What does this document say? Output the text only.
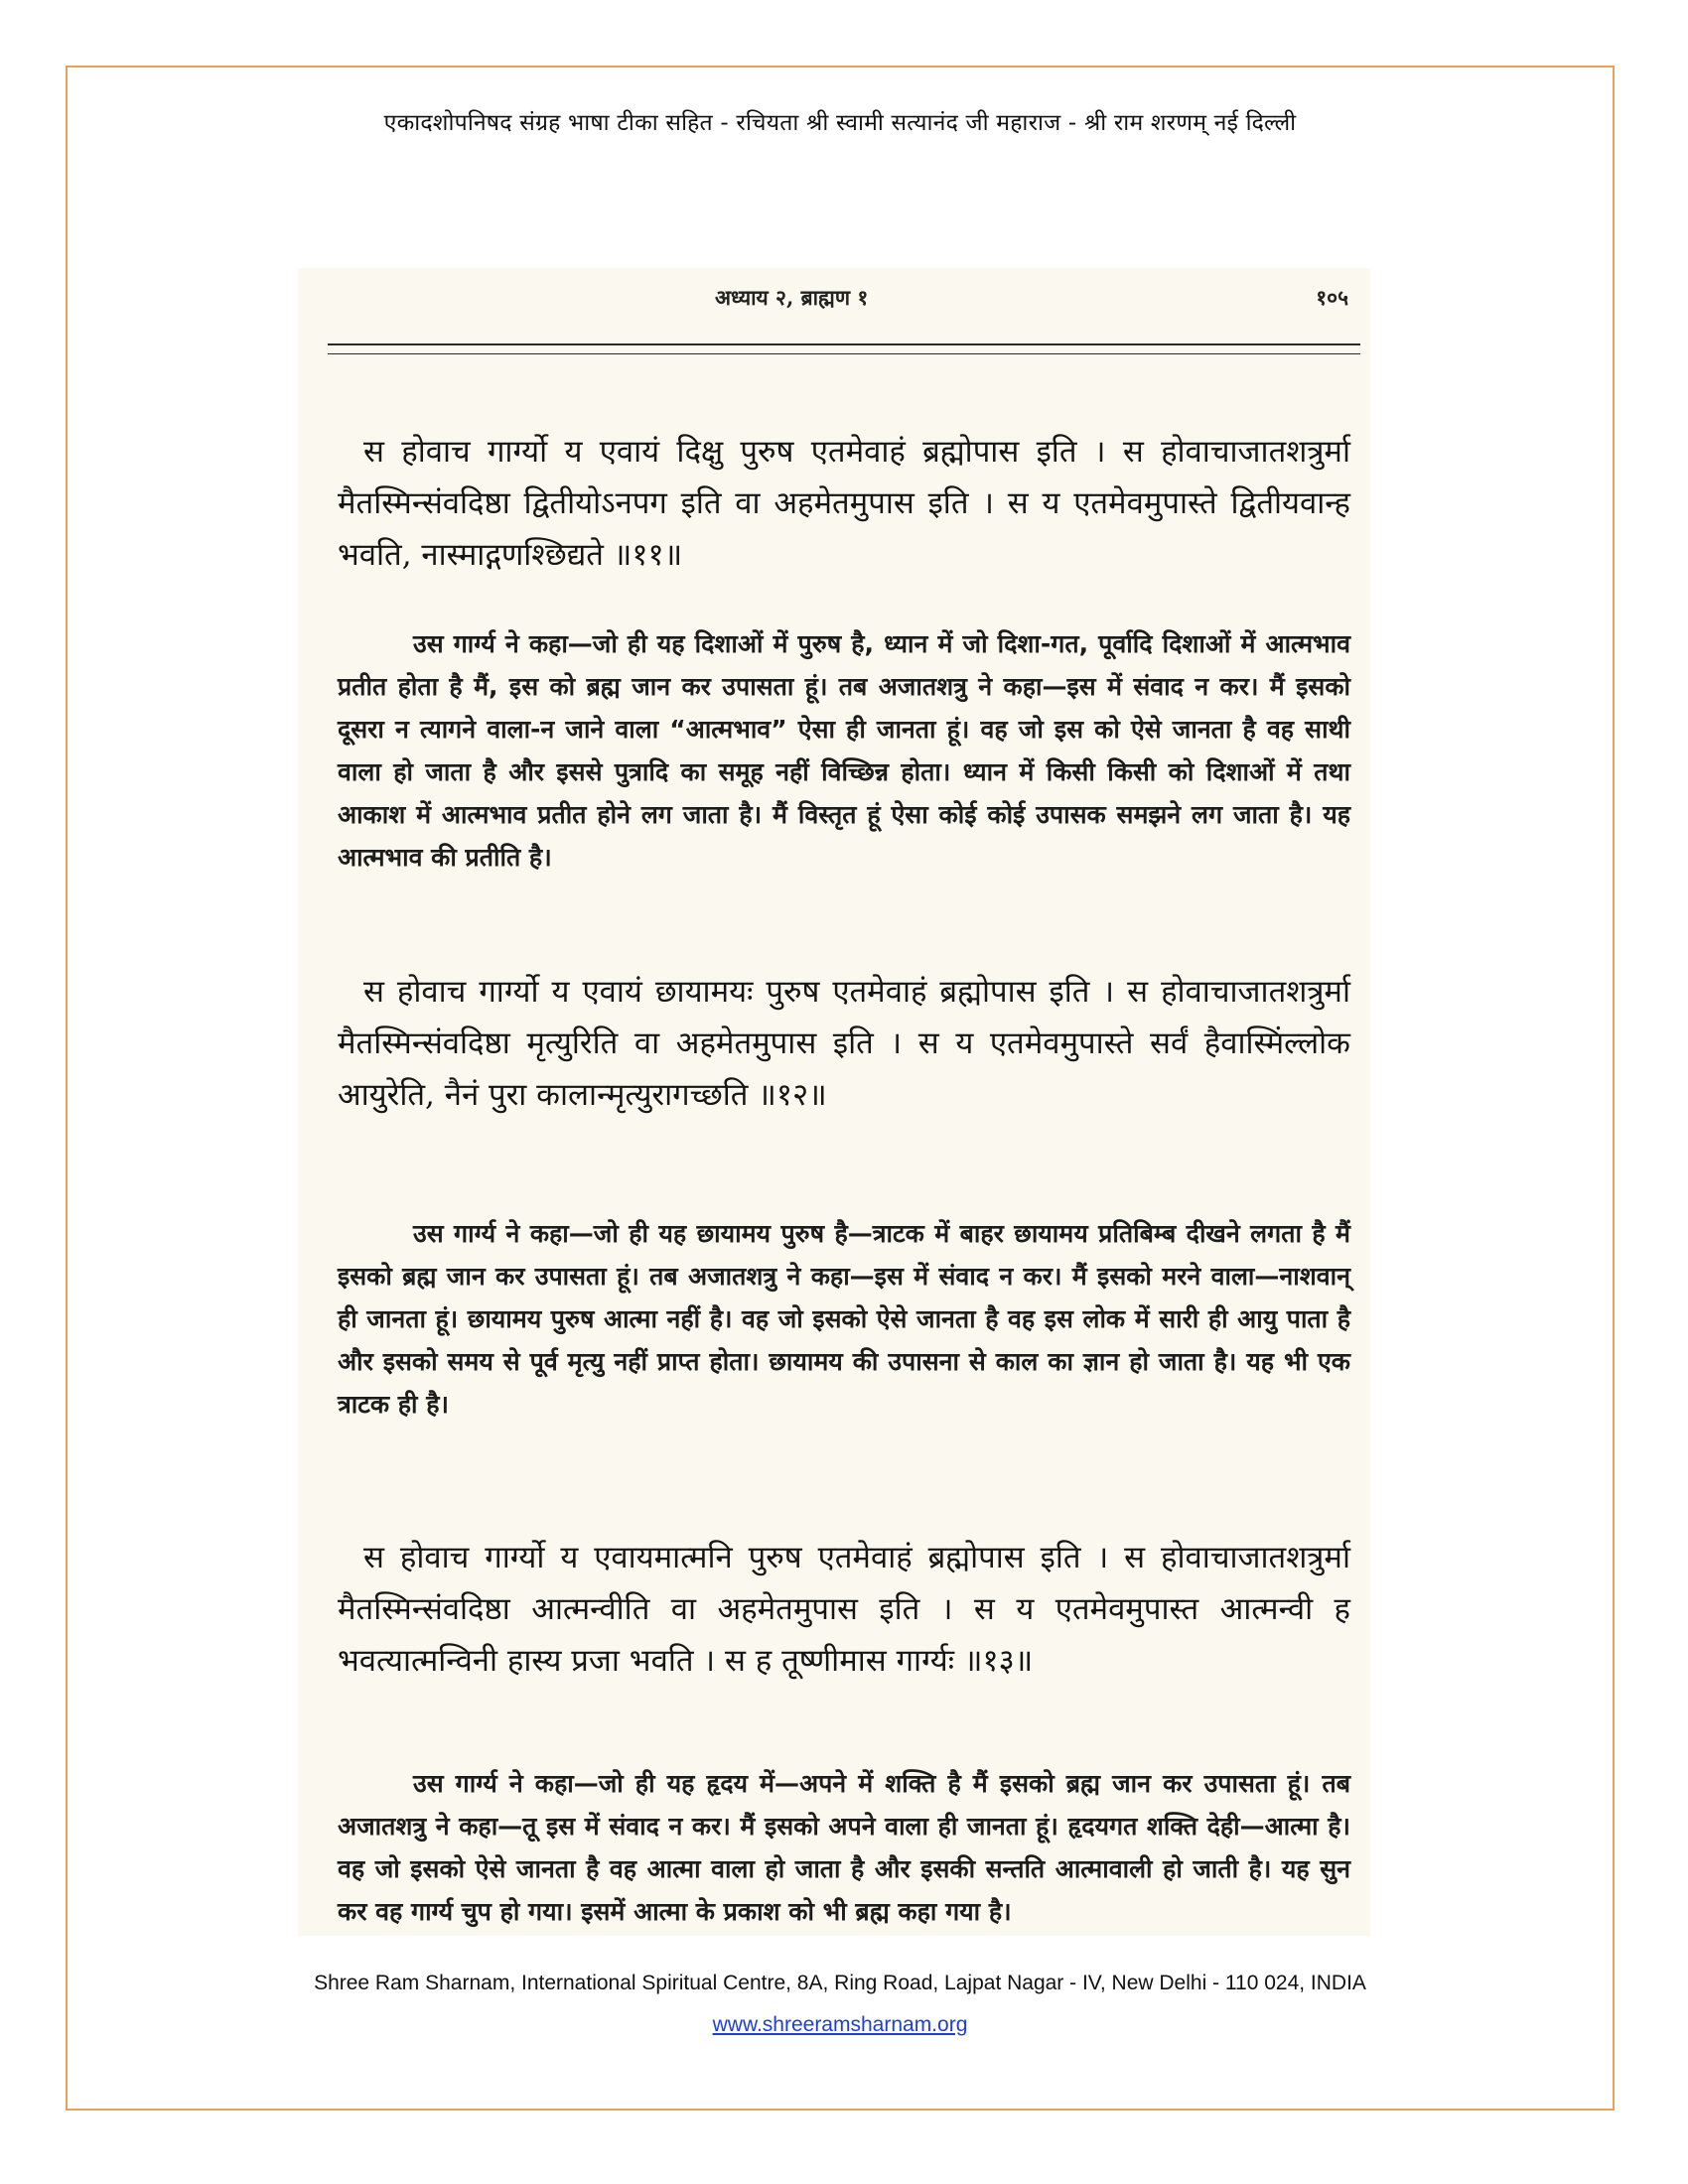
एकादशोपनिषद संग्रह भाषा टीका सहित - रचियता श्री स्वामी सत्यानंद जी महाराज - श्री राम शरणम् नई दिल्ली
अध्याय २, ब्राह्मण १	१०५

स होवाच गार्ग्यो य एवायं दिक्षु पुरुष एतमेवाहं ब्रह्मोपास इति । स होवाचाजातशत्रुर्मा मैतस्मिन्संवदिष्ठा द्वितीयोऽनपग इति वा अहमेतमुपास इति । स य एतमेवमुपास्ते द्वितीयवान्ह भवति, नास्माद्गणश्छिद्यते ॥११॥

उस गार्ग्य ने कहा—जो ही यह दिशाओं में पुरुष है, ध्यान में जो दिशा-गत, पूर्वादि दिशाओं में आत्मभाव प्रतीत होता है मैं, इस को ब्रह्म जान कर उपासता हूं। तब अजातशत्रु ने कहा—इस में संवाद न कर। मैं इसको दूसरा न त्यागने वाला-न जाने वाला “आत्मभाव” ऐसा ही जानता हूं। वह जो इस को ऐसे जानता है वह साथी वाला हो जाता है और इससे पुत्रादि का समूह नहीं विच्छिन्न होता। ध्यान में किसी किसी को दिशाओं में तथा आकाश में आत्मभाव प्रतीत होने लग जाता है। मैं विस्तृत हूं ऐसा कोई कोई उपासक समझने लग जाता है। यह आत्मभाव की प्रतीति है।

स होवाच गार्ग्यो य एवायं छायामयः पुरुष एतमेवाहं ब्रह्मोपास इति । स होवाचाजातशत्रुर्मा मैतस्मिन्संवदिष्ठा मृत्युरिति वा अहमेतमुपास इति । स य एतमेवमुपास्ते सर्वं हैवास्मिंल्लोक आयुरेति, नैनं पुरा कालान्मृत्युरागच्छति ॥१२॥

उस गार्ग्य ने कहा—जो ही यह छायामय पुरुष है—त्राटक में बाहर छायामय प्रतिबिम्ब दीखने लगता है मैं इसको ब्रह्म जान कर उपासता हूं। तब अजातशत्रु ने कहा—इस में संवाद न कर। मैं इसको मरने वाला—नाशवान् ही जानता हूं। छायामय पुरुष आत्मा नहीं है। वह जो इसको ऐसे जानता है वह इस लोक में सारी ही आयु पाता है और इसको समय से पूर्व मृत्यु नहीं प्राप्त होता। छायामय की उपासना से काल का ज्ञान हो जाता है। यह भी एक त्राटक ही है।

स होवाच गार्ग्यो य एवायमात्मनि पुरुष एतमेवाहं ब्रह्मोपास इति । स होवाचाजातशत्रुर्मा मैतस्मिन्संवदिष्ठा आत्मन्वीति वा अहमेतमुपास इति । स य एतमेवमुपास्त आत्मन्वी ह भवत्यात्मन्विनी हास्य प्रजा भवति । स ह तूष्णीमास गार्ग्यः ॥१३॥

उस गार्ग्य ने कहा—जो ही यह हृदय में—अपने में शक्ति है मैं इसको ब्रह्म जान कर उपासता हूं। तब अजातशत्रु ने कहा—तू इस में संवाद न कर। मैं इसको अपने वाला ही जानता हूं। हृदयगत शक्ति देही—आत्मा है। वह जो इसको ऐसे जानता है वह आत्मा वाला हो जाता है और इसकी सन्तति आत्मावाली हो जाती है। यह सुन कर वह गार्ग्य चुप हो गया। इसमें आत्मा के प्रकाश को भी ब्रह्म कहा गया है।

Shree Ram Sharnam, International Spiritual Centre, 8A, Ring Road, Lajpat Nagar - IV, New Delhi - 110 024, INDIA
www.shreeramsharnam.org
